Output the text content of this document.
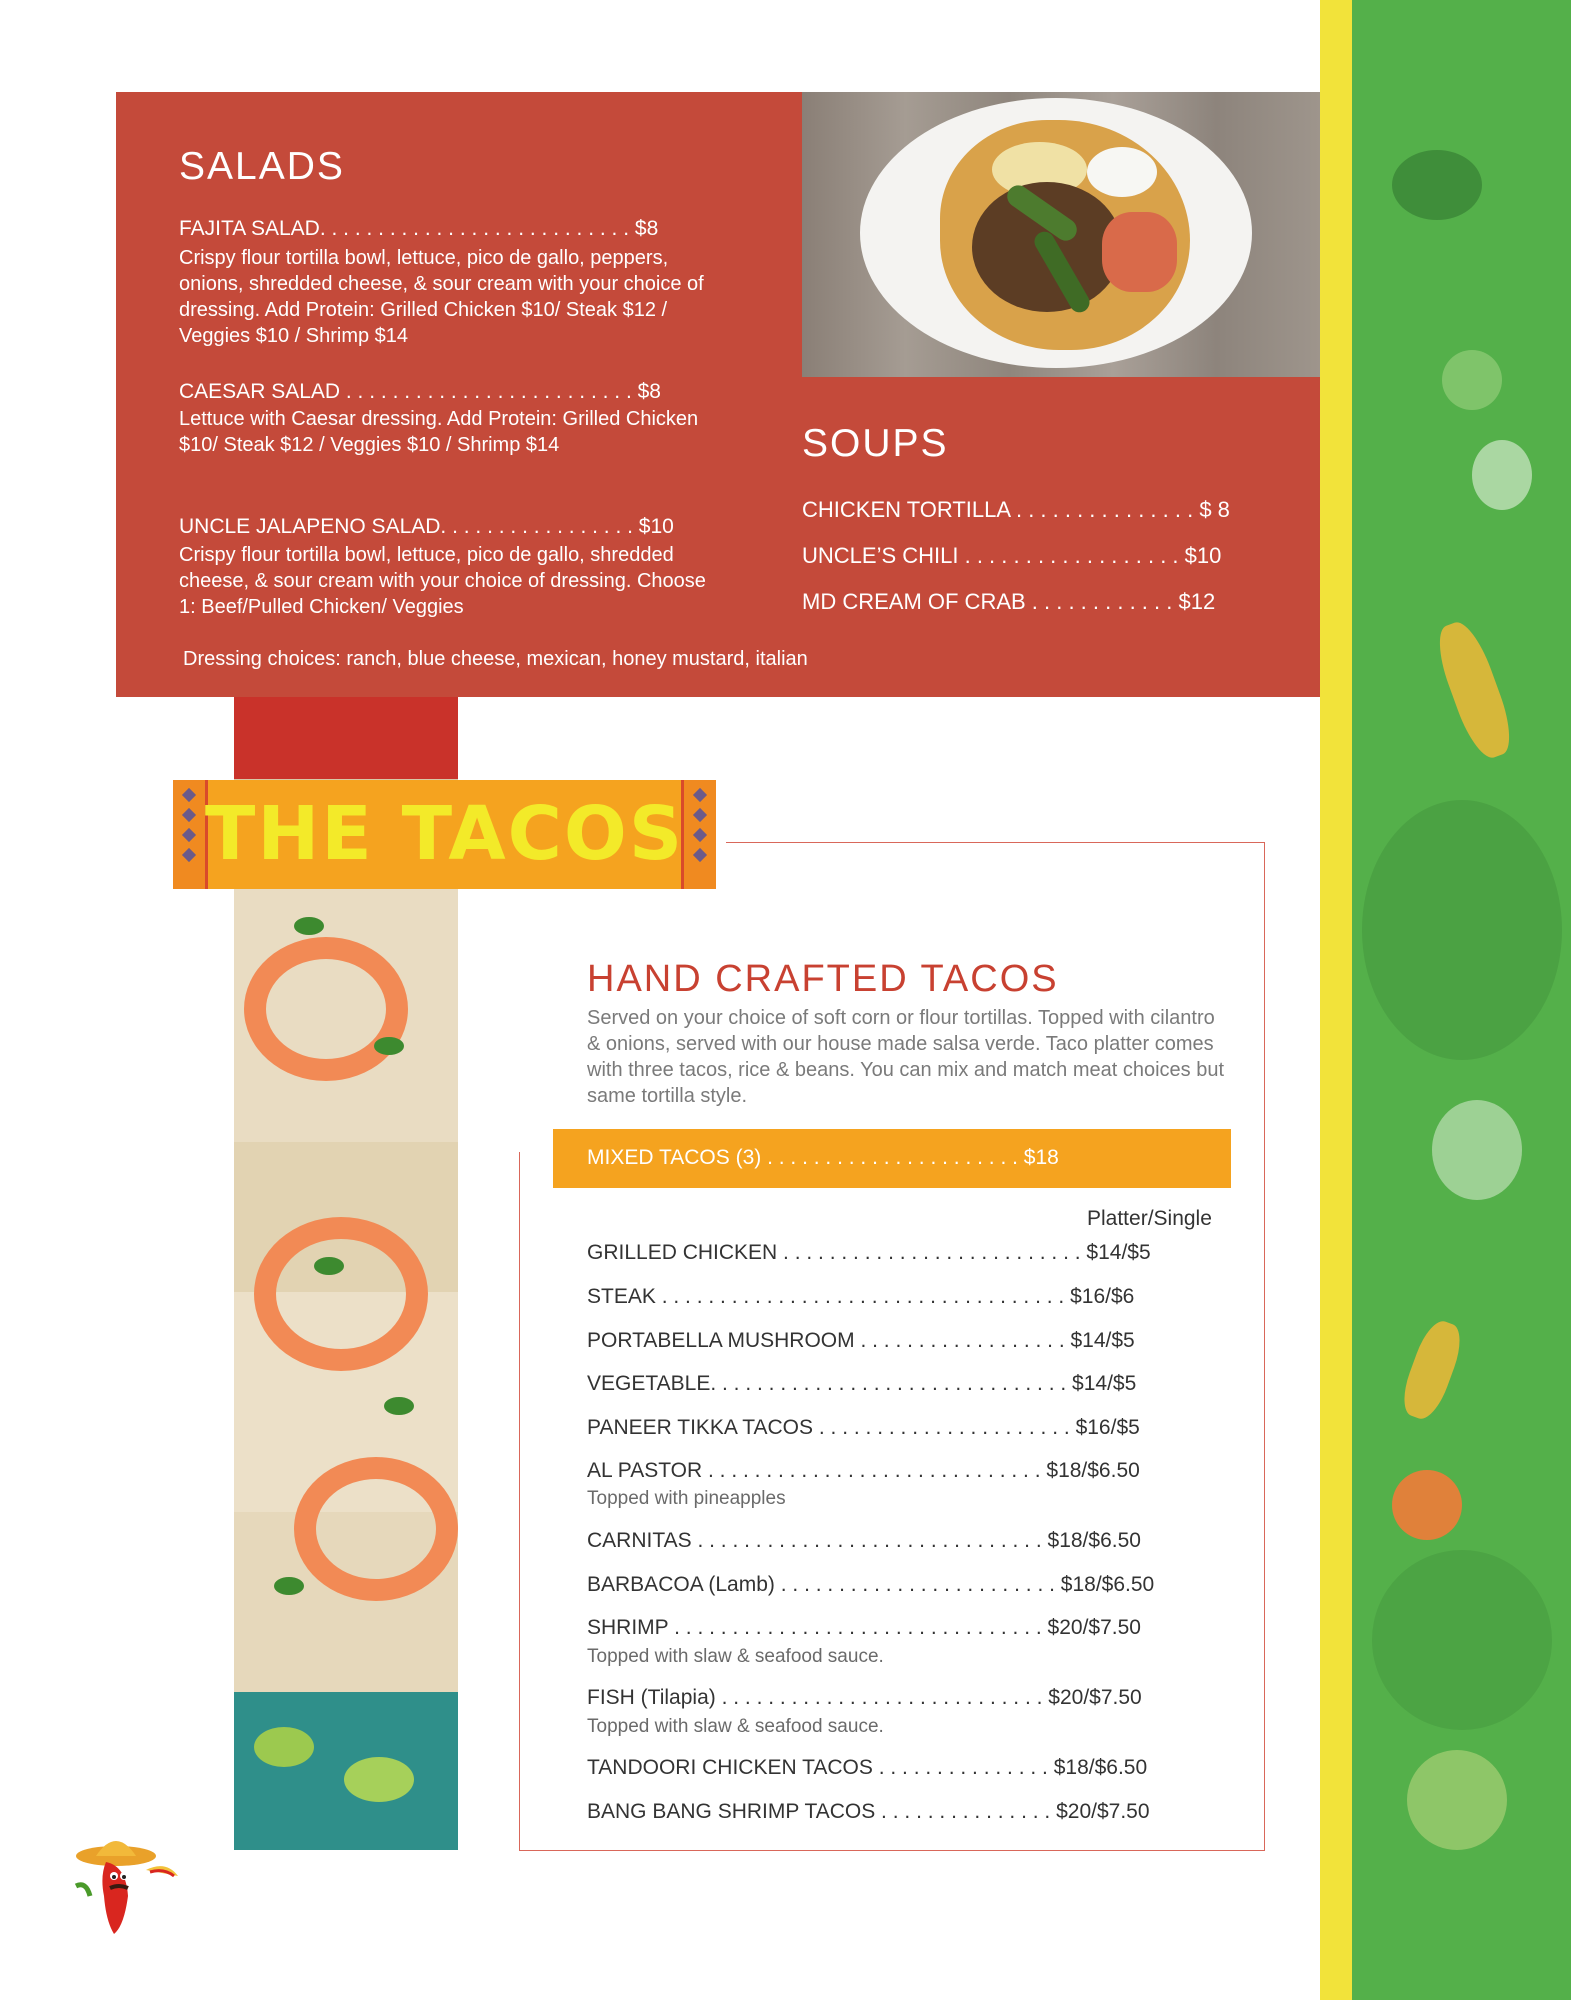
SALADS
FAJITA SALAD. . . . . . . . . . . . . . . . . . . . . . . . . . . $8

Crispy flour tortilla bowl, lettuce, pico de gallo, peppers, onions, shredded cheese, & sour cream with your choice of dressing. Add Protein: Grilled Chicken $10/ Steak $12 / Veggies $10 / Shrimp $14

CAESAR SALAD . . . . . . . . . . . . . . . . . . . . . . . . . $8

Lettuce with Caesar dressing. Add Protein: Grilled Chicken $10/ Steak $12 / Veggies $10 / Shrimp $14

UNCLE JALAPENO SALAD. . . . . . . . . . . . . . . . . $10

Crispy flour tortilla bowl, lettuce, pico de gallo, shredded cheese, & sour cream with your choice of dressing. Choose 1: Beef/Pulled Chicken/ Veggies

Dressing choices: ranch, blue cheese, mexican, honey mustard, italian
SOUPS
CHICKEN TORTILLA . . . . . . . . . . . . . . . $ 8
UNCLE’S CHILI . . . . . . . . . . . . . . . . . . $10
MD CREAM OF CRAB . . . . . . . . . . . . $12
THE TACOS
HAND CRAFTED TACOS

Served on your choice of soft corn or flour tortillas. Topped with cilantro & onions, served with our house made salsa verde. Taco platter comes with three tacos, rice & beans. You can mix and match meat choices but same tortilla style.

MIXED TACOS (3) . . . . . . . . . . . . . . . . . . . . . . $18
Platter/Single
GRILLED CHICKEN . . . . . . . . . . . . . . . . . . . . . . . . . . $14/$5
STEAK . . . . . . . . . . . . . . . . . . . . . . . . . . . . . . . . . . . $16/$6
PORTABELLA MUSHROOM . . . . . . . . . . . . . . . . . . $14/$5
VEGETABLE. . . . . . . . . . . . . . . . . . . . . . . . . . . . . . . $14/$5
PANEER TIKKA TACOS . . . . . . . . . . . . . . . . . . . . . . $16/$5
AL PASTOR . . . . . . . . . . . . . . . . . . . . . . . . . . . . . $18/$6.50
Topped with pineapples
CARNITAS . . . . . . . . . . . . . . . . . . . . . . . . . . . . . . $18/$6.50
BARBACOA (Lamb) . . . . . . . . . . . . . . . . . . . . . . . . $18/$6.50
SHRIMP . . . . . . . . . . . . . . . . . . . . . . . . . . . . . . . . $20/$7.50
Topped with slaw & seafood sauce.
FISH (Tilapia) . . . . . . . . . . . . . . . . . . . . . . . . . . . . $20/$7.50
Topped with slaw & seafood sauce.
TANDOORI CHICKEN TACOS . . . . . . . . . . . . . . . $18/$6.50
BANG BANG SHRIMP TACOS . . . . . . . . . . . . . . . $20/$7.50
